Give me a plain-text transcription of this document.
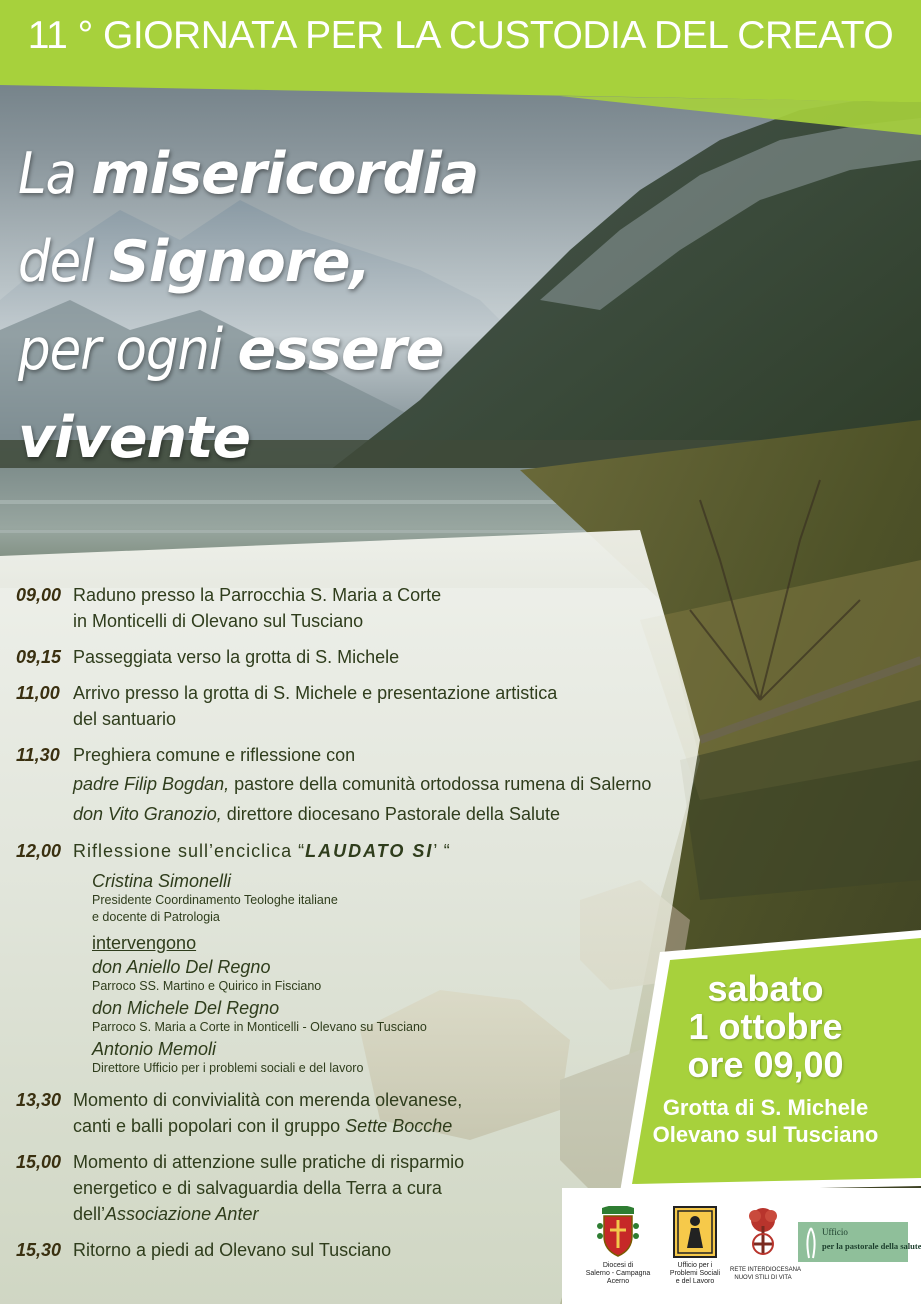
11 ° GIORNATA PER LA CUSTODIA DEL CREATO
La misericordia
del Signore,
per ogni essere
vivente
09,00 Raduno presso la Parrocchia S. Maria a Corte
in Monticelli di Olevano sul Tusciano
09,15 Passeggiata verso la grotta di S. Michele
11,00 Arrivo presso la grotta di S. Michele e presentazione artistica
del santuario
11,30 Preghiera comune e riflessione con
padre Filip Bogdan, pastore della comunità ortodossa rumena di Salerno
don Vito Granozio, direttore diocesano Pastorale della Salute
12,00 Riflessione sull’enciclica “LAUDATO SI’ “
Cristina Simonelli
Presidente Coordinamento Teologhe italiane
e docente di Patrologia
intervengono
don Aniello Del Regno
Parroco SS. Martino e Quirico in Fisciano
don Michele Del Regno
Parroco S. Maria a Corte in Monticelli - Olevano su Tusciano
Antonio Memoli
Direttore Ufficio per i problemi sociali e del lavoro
13,30 Momento di convivialità con merenda olevanese,
canti e balli popolari con il gruppo Sette Bocche
15,00 Momento di attenzione sulle pratiche di risparmio
energetico e di salvaguardia della Terra a cura
dell’Associazione Anter
15,30 Ritorno a piedi ad Olevano sul Tusciano
sabato
1 ottobre
ore 09,00
Grotta di S. Michele
Olevano sul Tusciano
Diocesi di
Salerno - Campagna
Acerno
Ufficio per i
Problemi Sociali
e del Lavoro
RETE INTERDIOCESANA
NUOVI STILI DI VITA
Ufficio
per la pastorale della salute
